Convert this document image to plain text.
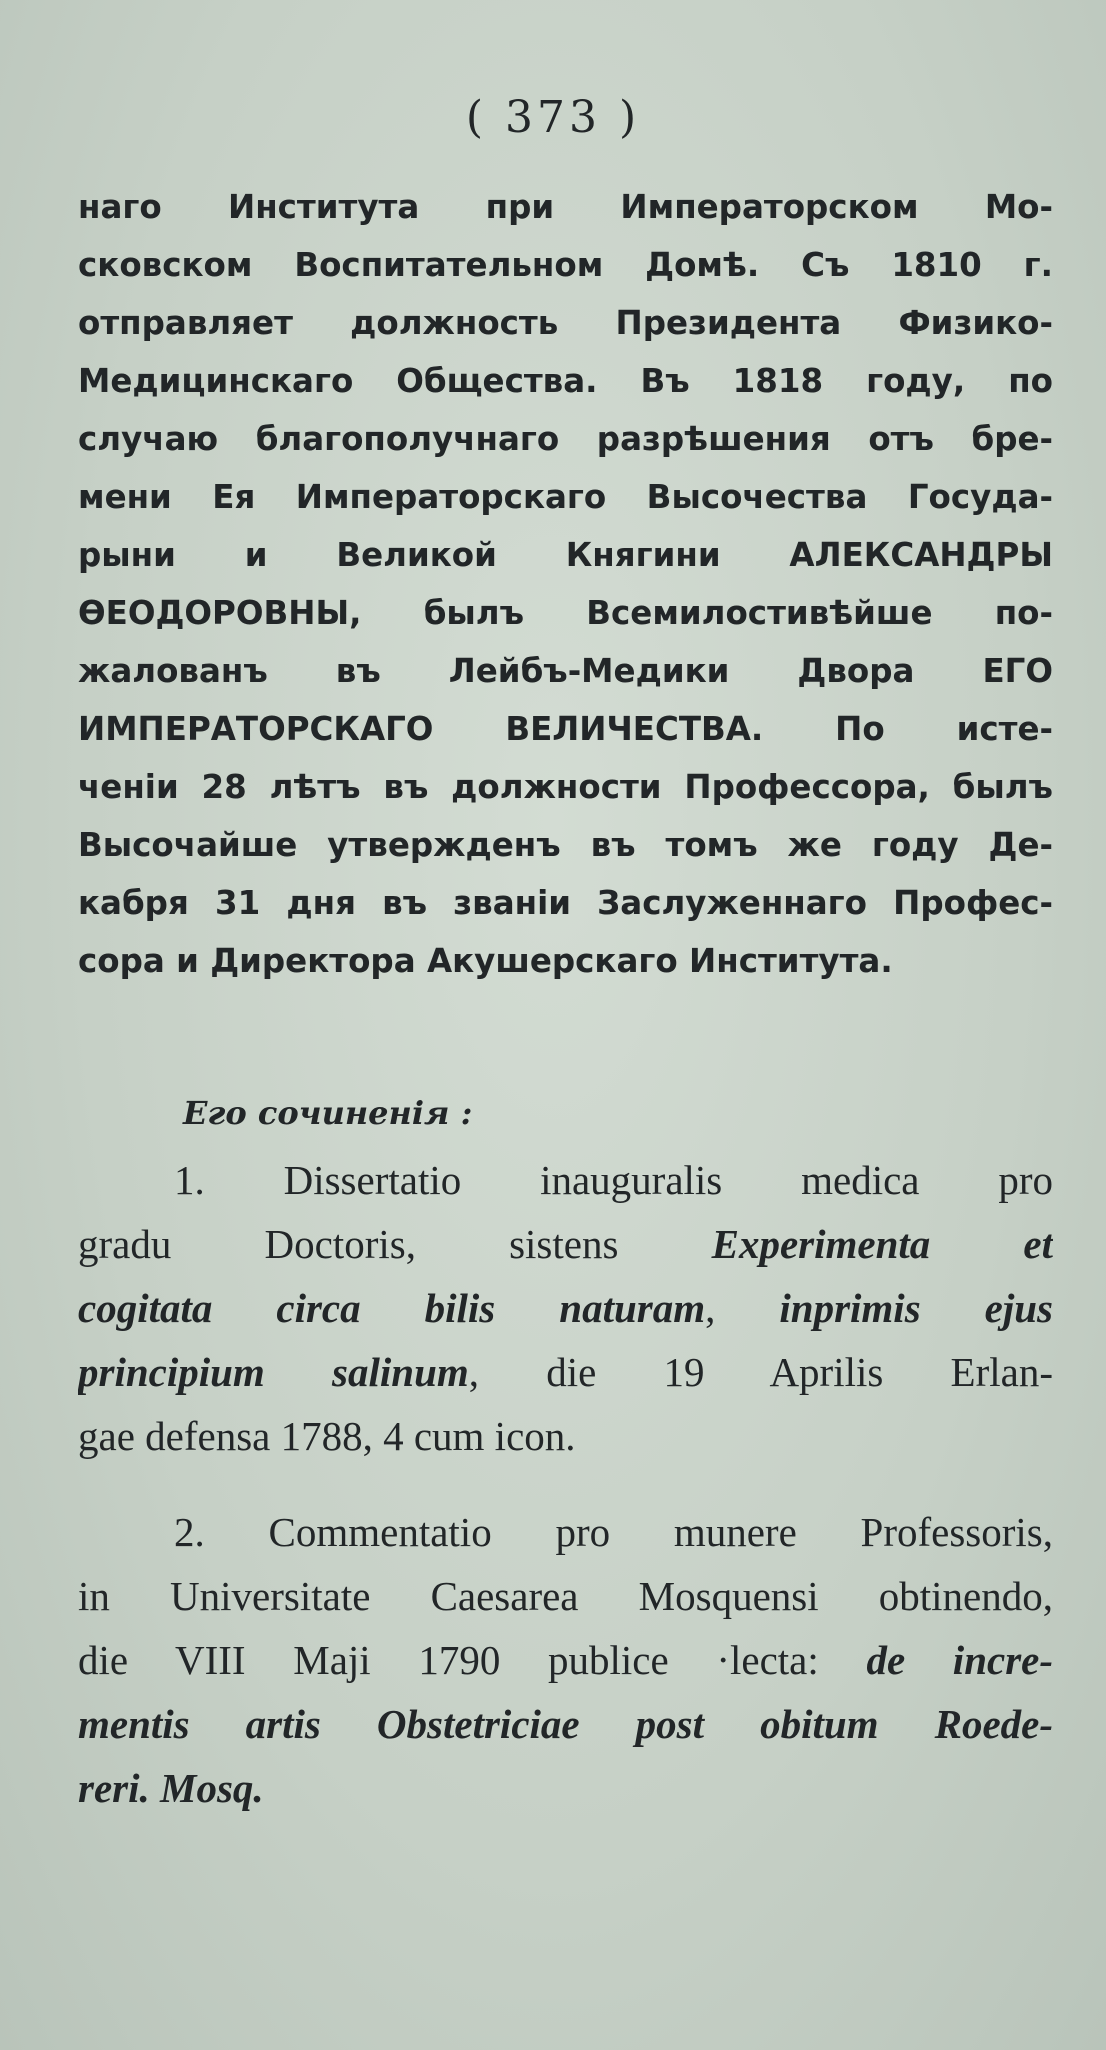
( 373 )
наго Института при Императорском Мо-
сковском Воспитательном Домѣ. Съ 1810 г.
отправляет должность Президента Физико-
Медицинскаго Общества. Въ 1818 году, по
случаю благополучнаго разрѣшения отъ бре-
мени Ея Императорскаго Высочества Госуда-
рыни и Великой Княгини АЛЕКСАНДРЫ
ѲЕОДОРОВНЫ, былъ Всемилостивѣйше по-
жалованъ въ Лейбъ-Медики Двора ЕГО
ИМПЕРАТОРСКАГО ВЕЛИЧЕСТВА. По исте-
ченіи 28 лѣтъ въ должности Профессора, былъ
Высочайше утвержденъ въ томъ же году Де-
кабря 31 дня въ званіи Заслуженнаго Профес-
сора и Директора Акушерскаго Института.
Его сочиненія :
1. Dissertatio inauguralis medica pro
gradu Doctoris, sistens Experimenta et
cogitata circa bilis naturam, inprimis ejus
principium salinum, die 19 Aprilis Erlan-
gae defensa 1788, 4 cum icon.
2. Commentatio pro munere Professoris,
in Universitate Caesarea Mosquensi obtinendo,
die VIII Maji 1790 publice ·lecta: de incre-
mentis artis Obstetriciae post obitum Roede-
reri. Mosq.
